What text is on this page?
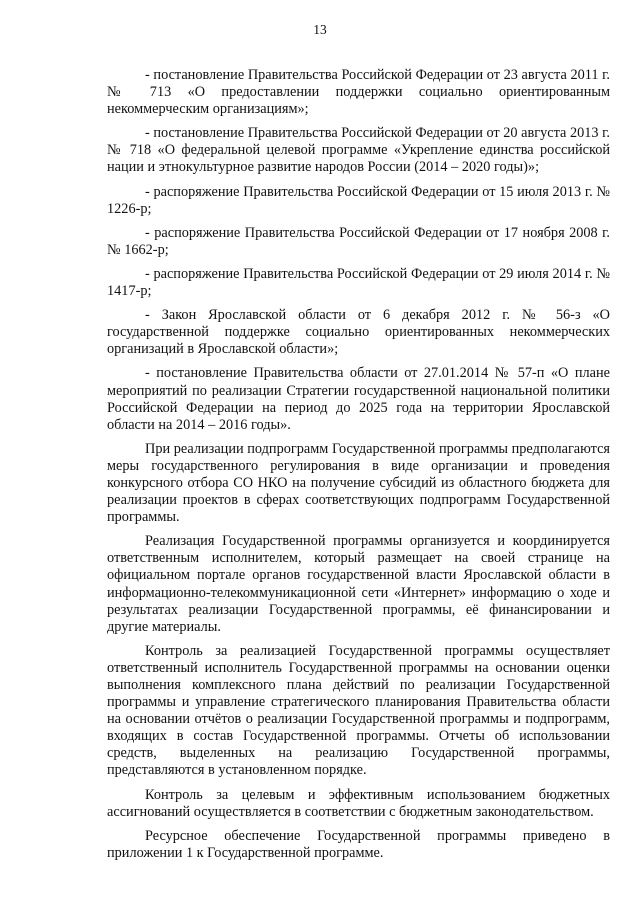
13

- постановление Правительства Российской Федерации от 23 августа 2011 г. № 713 «О предоставлении поддержки социально ориентированным некоммерческим организациям»;

- постановление Правительства Российской Федерации от 20 августа 2013 г. № 718 «О федеральной целевой программе «Укрепление единства российской нации и этнокультурное развитие народов России (2014 – 2020 годы)»;

- распоряжение Правительства Российской Федерации от 15 июля 2013 г. № 1226-р;

- распоряжение Правительства Российской Федерации от 17 ноября 2008 г. № 1662-р;

- распоряжение Правительства Российской Федерации от 29 июля 2014 г. № 1417-р;

- Закон Ярославской области от 6 декабря 2012 г. № 56-з «О государственной поддержке социально ориентированных некоммерческих организаций в Ярославской области»;

- постановление Правительства области от 27.01.2014 № 57-п «О плане мероприятий по реализации Стратегии государственной национальной политики Российской Федерации на период до 2025 года на территории Ярославской области на 2014 – 2016 годы».

При реализации подпрограмм Государственной программы предполагаются меры государственного регулирования в виде организации и проведения конкурсного отбора СО НКО на получение субсидий из областного бюджета для реализации проектов в сферах соответствующих подпрограмм Государственной программы.

Реализация Государственной программы организуется и координируется ответственным исполнителем, который размещает на своей странице на официальном портале органов государственной власти Ярославской области в информационно-телекоммуникационной сети «Интернет» информацию о ходе и результатах реализации Государственной программы, её финансировании и другие материалы.

Контроль за реализацией Государственной программы осуществляет ответственный исполнитель Государственной программы на основании оценки выполнения комплексного плана действий по реализации Государственной программы и управление стратегического планирования Правительства области на основании отчётов о реализации Государственной программы и подпрограмм, входящих в состав Государственной программы. Отчеты об использовании средств, выделенных на реализацию Государственной программы, представляются в установленном порядке.

Контроль за целевым и эффективным использованием бюджетных ассигнований осуществляется в соответствии с бюджетным законодательством.

Ресурсное обеспечение Государственной программы приведено в приложении 1 к Государственной программе.
